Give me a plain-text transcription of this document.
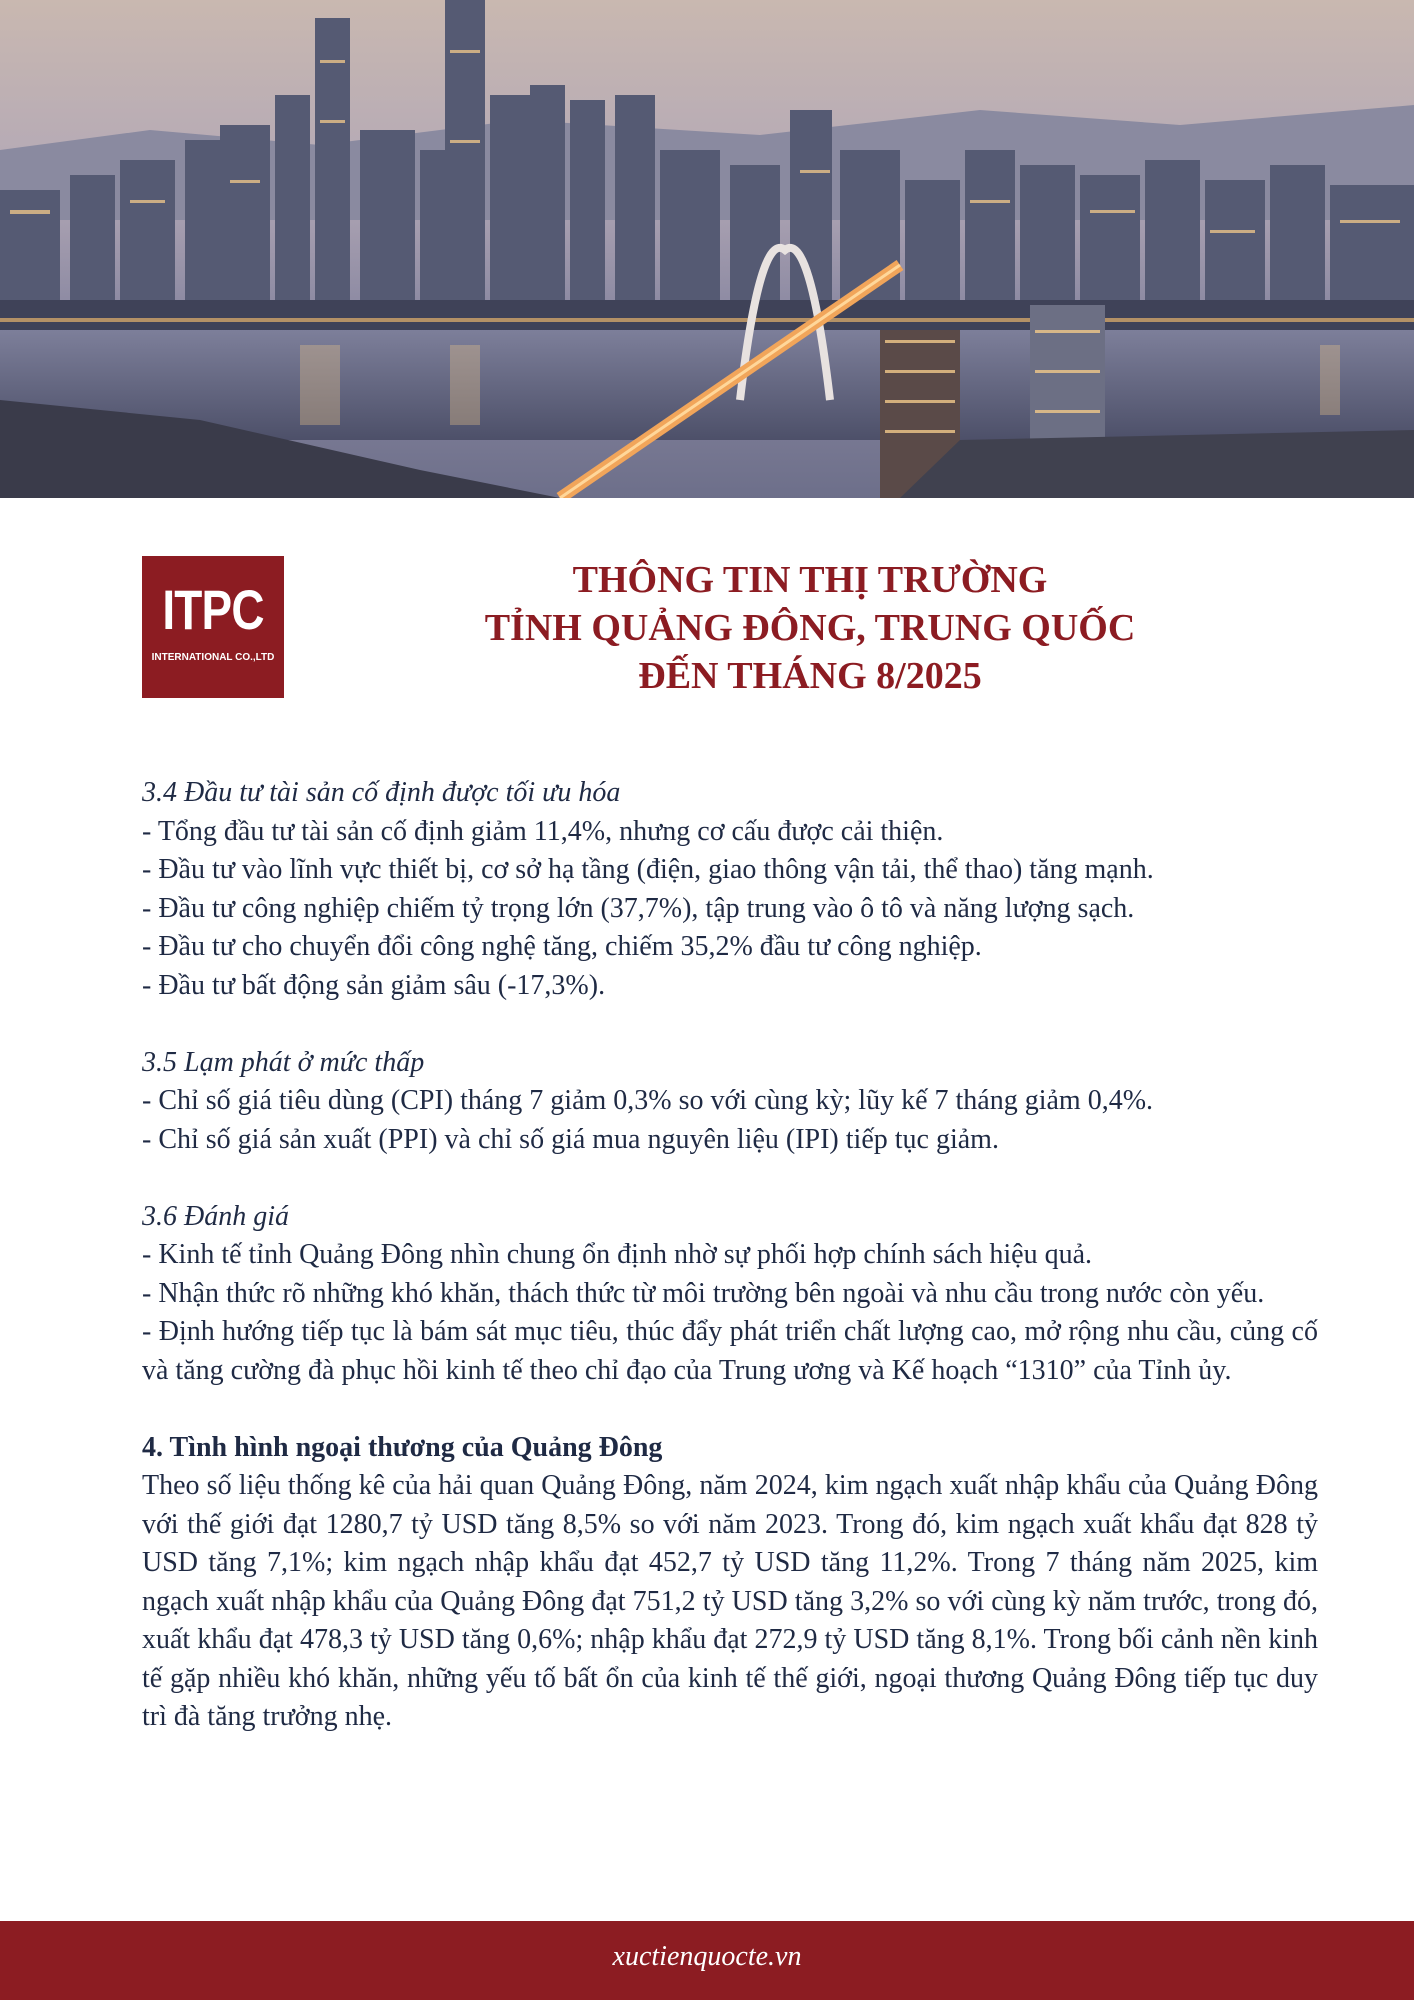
ITPC
INTERNATIONAL CO.,LTD
THÔNG TIN THỊ TRƯỜNG
TỈNH QUẢNG ĐÔNG, TRUNG QUỐC
ĐẾN THÁNG 8/2025

3.4 Đầu tư tài sản cố định được tối ưu hóa

- Tổng đầu tư tài sản cố định giảm 11,4%, nhưng cơ cấu được cải thiện.

- Đầu tư vào lĩnh vực thiết bị, cơ sở hạ tầng (điện, giao thông vận tải, thể thao) tăng mạnh.

- Đầu tư công nghiệp chiếm tỷ trọng lớn (37,7%), tập trung vào ô tô và năng lượng sạch.

- Đầu tư cho chuyển đổi công nghệ tăng, chiếm 35,2% đầu tư công nghiệp.

- Đầu tư bất động sản giảm sâu (-17,3%).

3.5 Lạm phát ở mức thấp

- Chỉ số giá tiêu dùng (CPI) tháng 7 giảm 0,3% so với cùng kỳ; lũy kế 7 tháng giảm 0,4%.

- Chỉ số giá sản xuất (PPI) và chỉ số giá mua nguyên liệu (IPI) tiếp tục giảm.

3.6 Đánh giá

- Kinh tế tỉnh Quảng Đông nhìn chung ổn định nhờ sự phối hợp chính sách hiệu quả.

- Nhận thức rõ những khó khăn, thách thức từ môi trường bên ngoài và nhu cầu trong nước còn yếu.

- Định hướng tiếp tục là bám sát mục tiêu, thúc đẩy phát triển chất lượng cao, mở rộng nhu cầu, củng cố và tăng cường đà phục hồi kinh tế theo chỉ đạo của Trung ương và Kế hoạch “1310” của Tỉnh ủy.

4. Tình hình ngoại thương của Quảng Đông

Theo số liệu thống kê của hải quan Quảng Đông, năm 2024, kim ngạch xuất nhập khẩu của Quảng Đông với thế giới đạt 1280,7 tỷ USD tăng 8,5% so với năm 2023. Trong đó, kim ngạch xuất khẩu đạt 828 tỷ USD tăng 7,1%; kim ngạch nhập khẩu đạt 452,7 tỷ USD tăng 11,2%. Trong 7 tháng năm 2025, kim ngạch xuất nhập khẩu của Quảng Đông đạt 751,2 tỷ USD tăng 3,2% so với cùng kỳ năm trước, trong đó, xuất khẩu đạt 478,3 tỷ USD tăng 0,6%; nhập khẩu đạt 272,9 tỷ USD tăng 8,1%. Trong bối cảnh nền kinh tế gặp nhiều khó khăn, những yếu tố bất ổn của kinh tế thế giới, ngoại thương Quảng Đông tiếp tục duy trì đà tăng trưởng nhẹ.

xuctienquocte.vn
